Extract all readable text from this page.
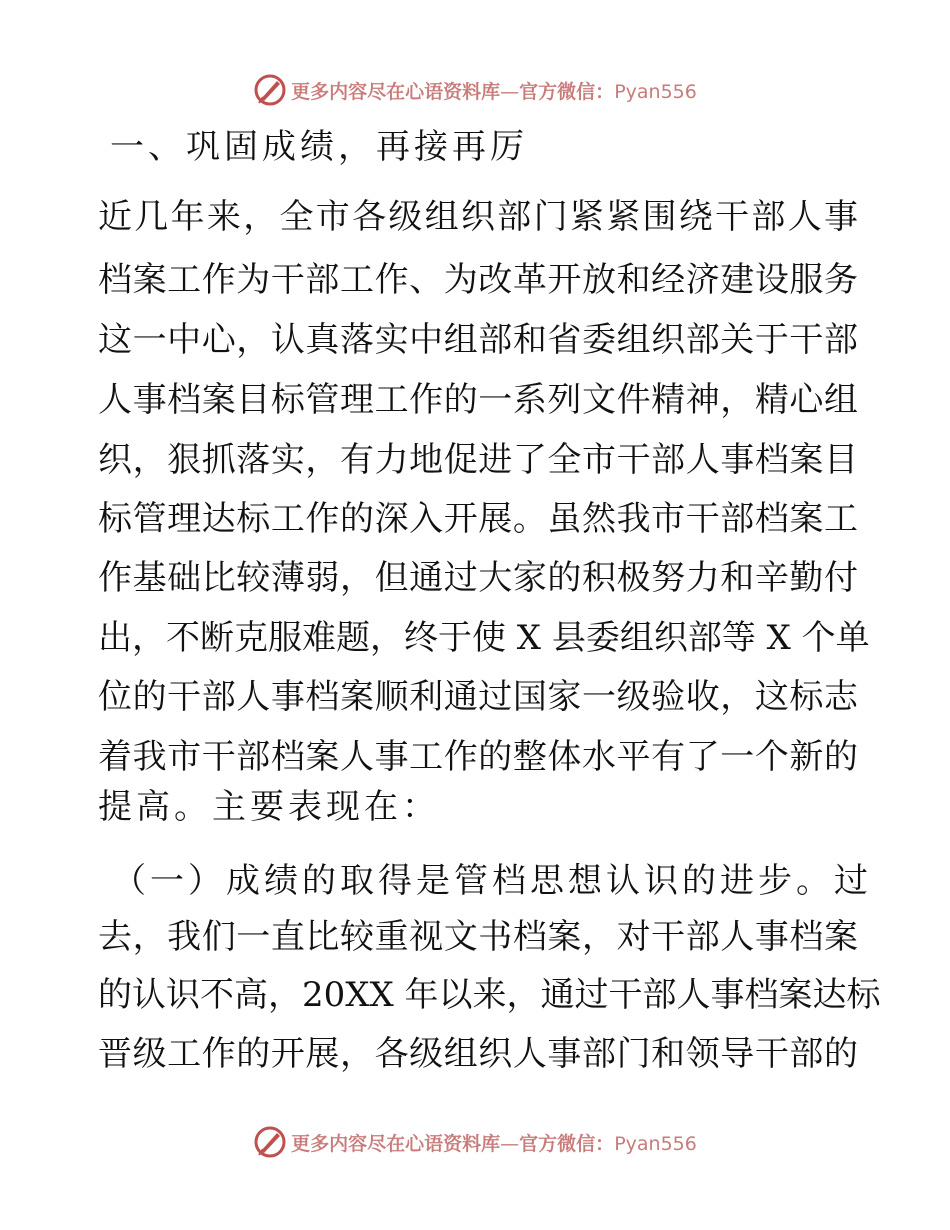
更多内容尽在心语资料库—官方微信：Pyan556
一、巩固成绩，再接再厉

近几年来，全市各级组织部门紧紧围绕干部人事

档案工作为干部工作、为改革开放和经济建设服务

这一中心，认真落实中组部和省委组织部关于干部

人事档案目标管理工作的一系列文件精神，精心组

织，狠抓落实，有力地促进了全市干部人事档案目

标管理达标工作的深入开展。虽然我市干部档案工

作基础比较薄弱，但通过大家的积极努力和辛勤付

出，不断克服难题，终于使 X 县委组织部等 X 个单

位的干部人事档案顺利通过国家一级验收，这标志

着我市干部档案人事工作的整体水平有了一个新的

提高。主要表现在：

（一）成绩的取得是管档思想认识的进步。过

去，我们一直比较重视文书档案，对干部人事档案

的认识不高，20XX 年以来，通过干部人事档案达标

晋级工作的开展，各级组织人事部门和领导干部的

更多内容尽在心语资料库—官方微信：Pyan556
